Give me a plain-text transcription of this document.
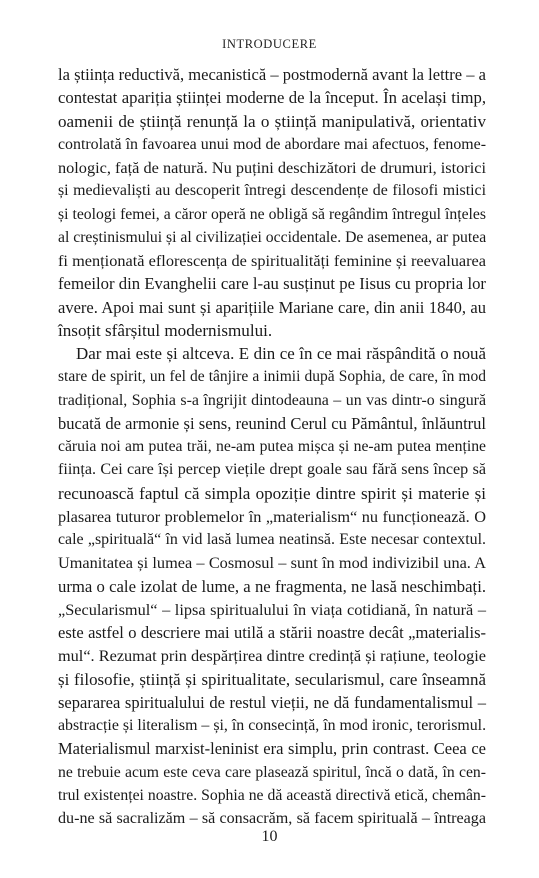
INTRODUCERE
la știința reductivă, mecanistică – postmodernă avant la lettre – a
contestat apariția științei moderne de la început. În același timp,
oamenii de știință renunță la o știință manipulativă, orientativ
controlată în favoarea unui mod de abordare mai afectuos, fenome-
nologic, față de natură. Nu puțini deschizători de drumuri, istorici
și medievaliști au descoperit întregi descendențe de filosofi mistici
și teologi femei, a căror operă ne obligă să regândim întregul înțeles
al creștinismului și al civilizației occidentale. De asemenea, ar putea
fi menționată eflorescența de spiritualități feminine și reevaluarea
femeilor din Evanghelii care l-au susținut pe Iisus cu propria lor
avere. Apoi mai sunt și aparițiile Mariane care, din anii 1840, au
însoțit sfârșitul modernismului.
Dar mai este și altceva. E din ce în ce mai răspândită o nouă
stare de spirit, un fel de tânjire a inimii după Sophia, de care, în mod
tradițional, Sophia s-a îngrijit dintodeauna – un vas dintr-o singură
bucată de armonie și sens, reunind Cerul cu Pământul, înlăuntrul
căruia noi am putea trăi, ne-am putea mișca și ne-am putea menține
ființa. Cei care își percep viețile drept goale sau fără sens încep să
recunoască faptul că simpla opoziție dintre spirit și materie și
plasarea tuturor problemelor în „materialism“ nu funcționează. O
cale „spirituală“ în vid lasă lumea neatinsă. Este necesar contextul.
Umanitatea și lumea – Cosmosul – sunt în mod indivizibil una. A
urma o cale izolat de lume, a ne fragmenta, ne lasă neschimbați.
„Secularismul“ – lipsa spiritualului în viața cotidiană, în natură –
este astfel o descriere mai utilă a stării noastre decât „materialis-
mul“. Rezumat prin despărțirea dintre credință și rațiune, teologie
și filosofie, știință și spiritualitate, secularismul, care înseamnă
separarea spiritualului de restul vieții, ne dă fundamentalismul –
abstracție și literalism – și, în consecință, în mod ironic, terorismul.
Materialismul marxist-leninist era simplu, prin contrast. Ceea ce
ne trebuie acum este ceva care plasează spiritul, încă o dată, în cen-
trul existenței noastre. Sophia ne dă această directivă etică, chemân-
du-ne să sacralizăm – să consacrăm, să facem spirituală – întreaga
10
